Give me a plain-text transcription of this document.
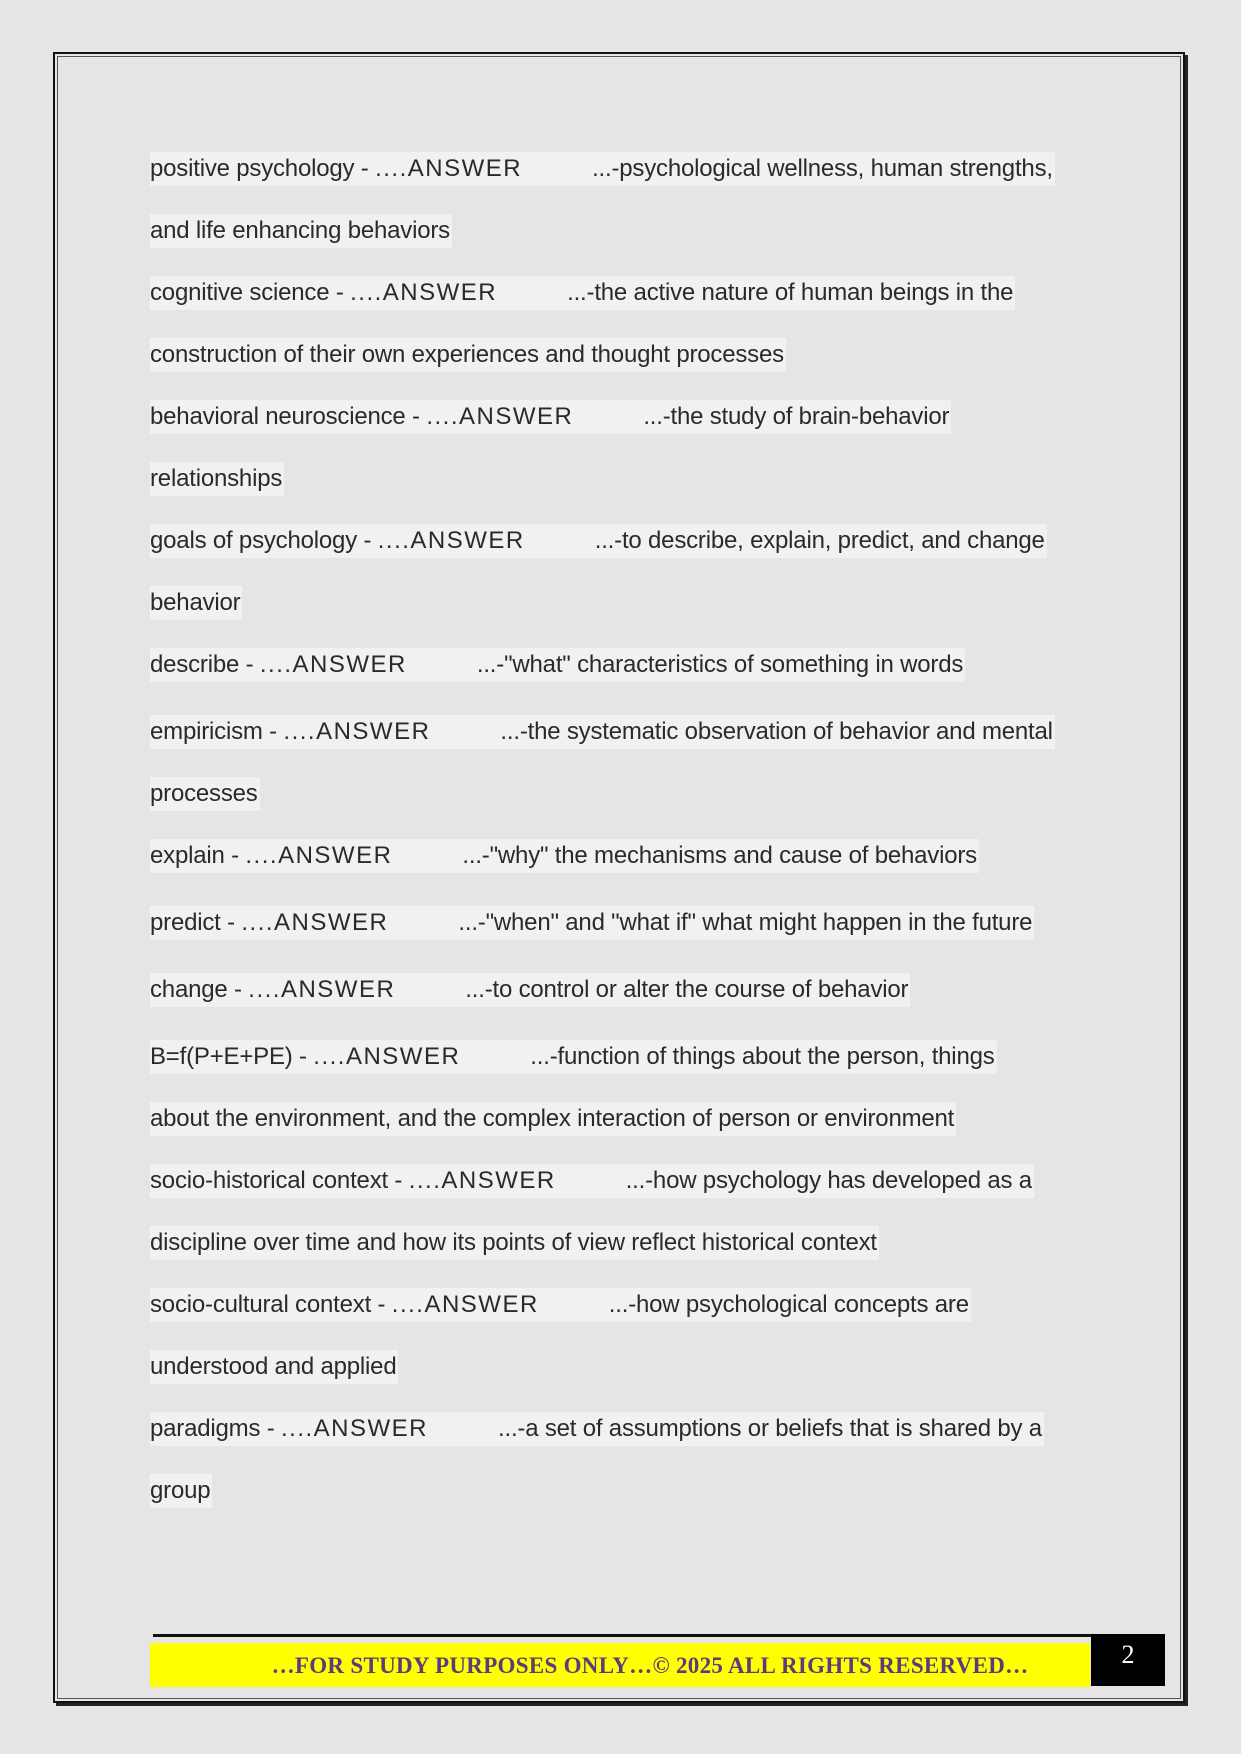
positive psychology - ....ANSWER	...-psychological wellness, human strengths,
and life enhancing behaviors
cognitive science - ....ANSWER	...-the active nature of human beings in the
construction of their own experiences and thought processes
behavioral neuroscience - ....ANSWER	...-the study of brain-behavior
relationships
goals of psychology - ....ANSWER	...-to describe, explain, predict, and change
behavior
describe - ....ANSWER	...-"what" characteristics of something in words
empiricism - ....ANSWER	...-the systematic observation of behavior and mental
processes
explain - ....ANSWER	...-"why" the mechanisms and cause of behaviors
predict - ....ANSWER	...-"when" and "what if" what might happen in the future
change - ....ANSWER	...-to control or alter the course of behavior
B=f(P+E+PE) - ....ANSWER	...-function of things about the person, things
about the environment, and the complex interaction of person or environment
socio-historical context - ....ANSWER	...-how psychology has developed as a
discipline over time and how its points of view reflect historical context
socio-cultural context - ....ANSWER	...-how psychological concepts are
understood and applied
paradigms - ....ANSWER	...-a set of assumptions or beliefs that is shared by a
group
…FOR STUDY PURPOSES ONLY…© 2025 ALL RIGHTS RESERVED…	2
